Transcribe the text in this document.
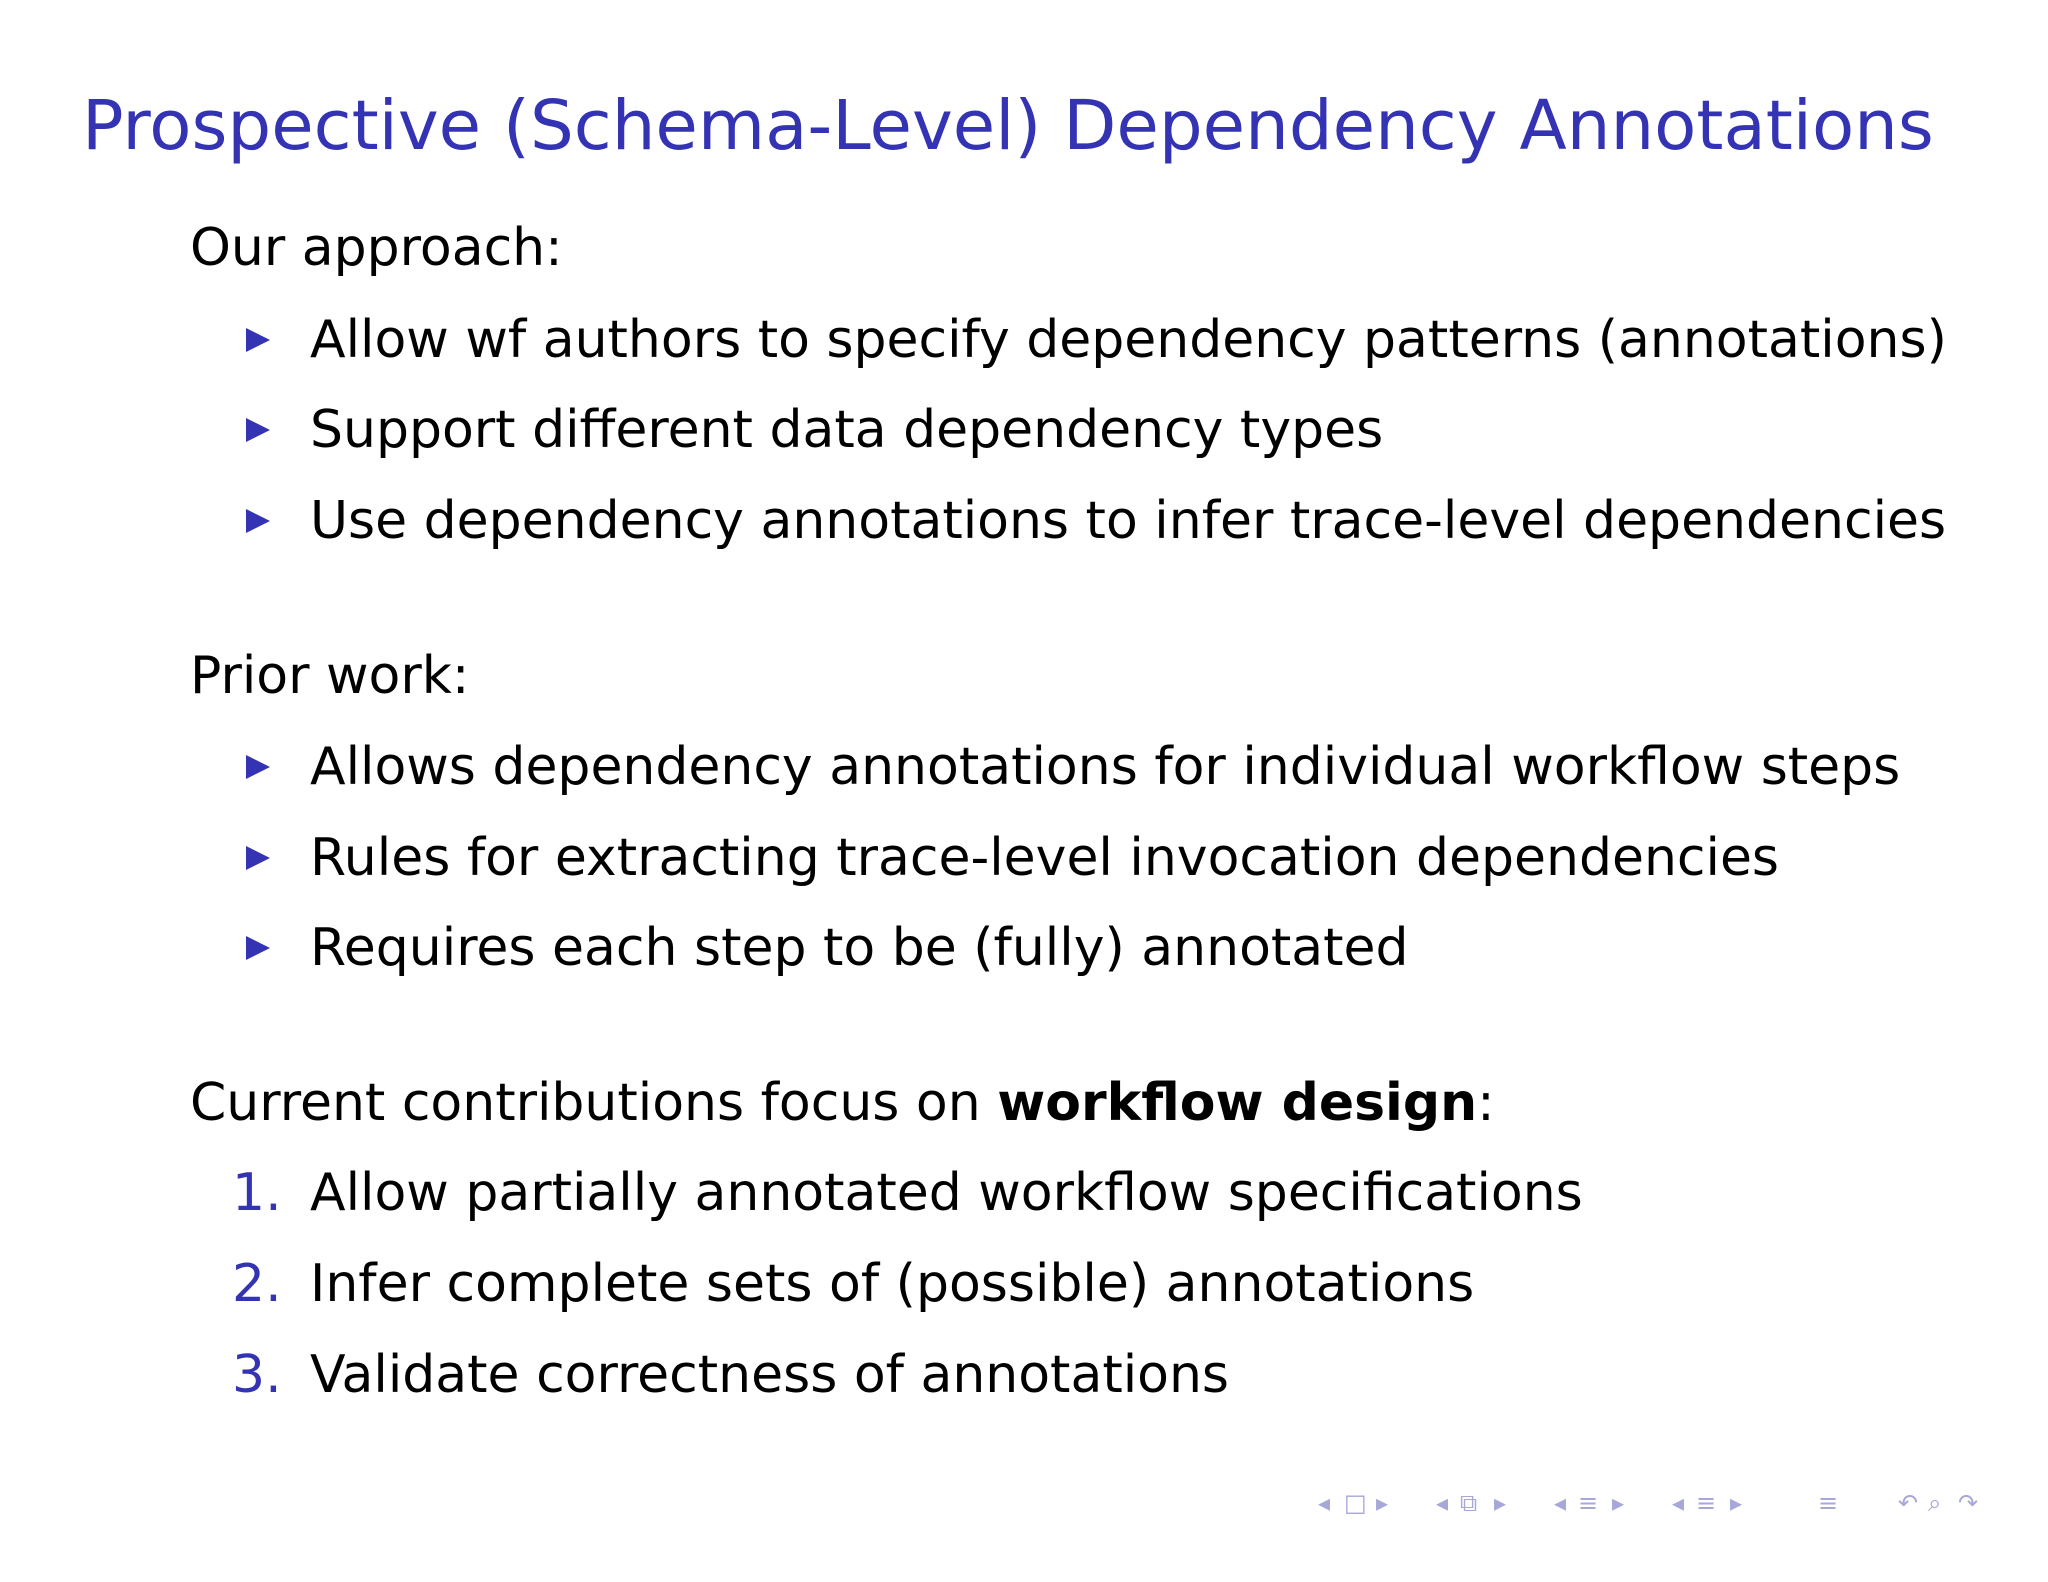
Prospective (Schema-Level) Dependency Annotations

Our approach:

Allow wf authors to specify dependency patterns (annotations)
Support different data dependency types
Use dependency annotations to infer trace-level dependencies

Prior work:

Allows dependency annotations for individual workflow steps
Rules for extracting trace-level invocation dependencies
Requires each step to be (fully) annotated

Current contributions focus on workflow design:

1. Allow partially annotated workflow specifications
2. Infer complete sets of (possible) annotations
3. Validate correctness of annotations
◂ □ ▸ ◂ ⧉ ▸ ◂ ≡ ▸ ◂ ≡ ▸	≡ ↶ ⌕ ↷
